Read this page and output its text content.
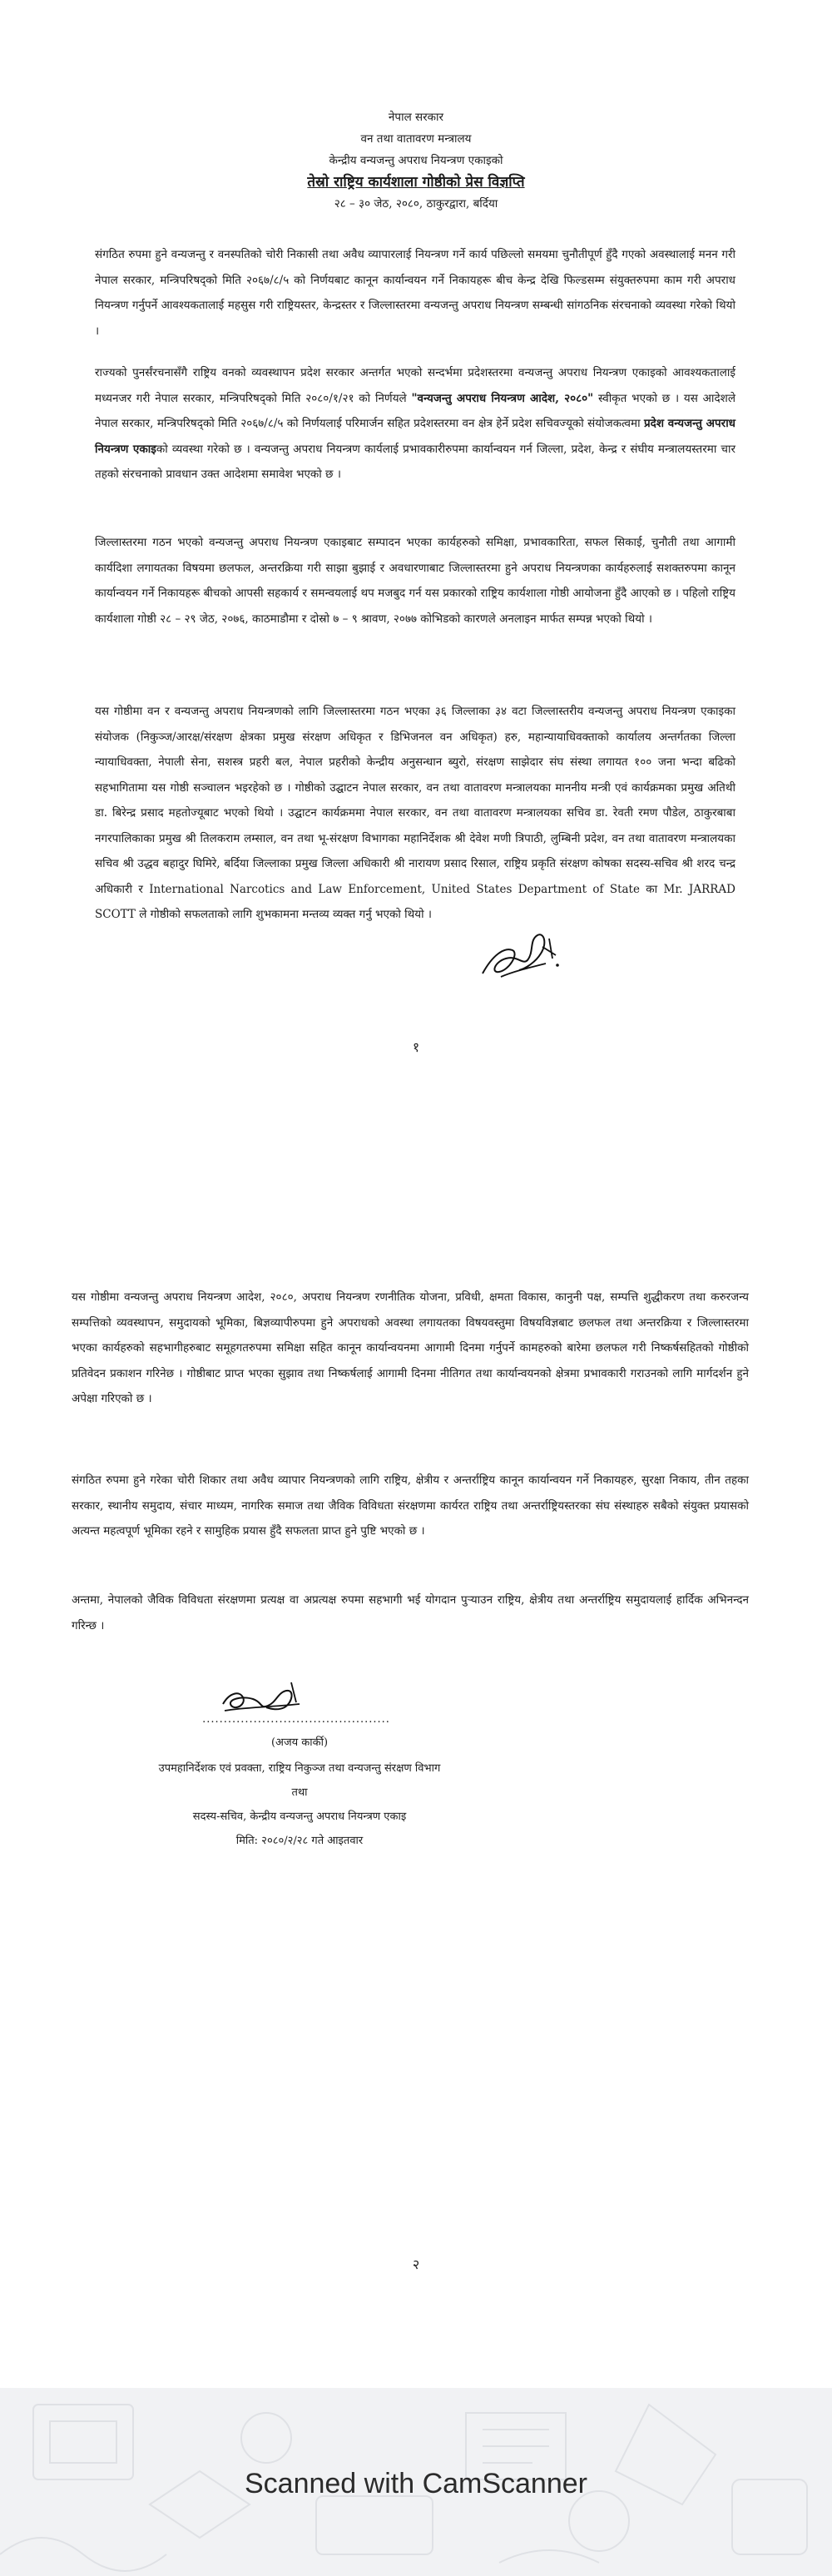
नेपाल सरकार
वन तथा वातावरण मन्त्रालय
केन्द्रीय वन्यजन्तु अपराध नियन्त्रण एकाइको
तेस्रो राष्ट्रिय कार्यशाला गोष्ठीको प्रेस विज्ञप्ति
२८ – ३० जेठ, २०८०, ठाकुरद्वारा, बर्दिया

संगठित रुपमा हुने वन्यजन्तु र वनस्पतिको चोरी निकासी तथा अवैध व्यापारलाई नियन्त्रण गर्ने कार्य पछिल्लो समयमा चुनौतीपूर्ण हुँदै गएको अवस्थालाई मनन गरी नेपाल सरकार, मन्त्रिपरिषद्को मिति २०६७/८/५ को निर्णयबाट कानून कार्यान्वयन गर्ने निकायहरू बीच केन्द्र देखि फिल्डसम्म संयुक्तरुपमा काम गरी अपराध नियन्त्रण गर्नुपर्ने आवश्यकतालाई महसुस गरी राष्ट्रियस्तर, केन्द्रस्तर र जिल्लास्तरमा वन्यजन्तु अपराध नियन्त्रण सम्बन्धी सांगठनिक संरचनाको व्यवस्था गरेको थियो ।

राज्यको पुनर्संरचनासँगै राष्ट्रिय वनको व्यवस्थापन प्रदेश सरकार अन्तर्गत भएको सन्दर्भमा प्रदेशस्तरमा वन्यजन्तु अपराध नियन्त्रण एकाइको आवश्यकतालाई मध्यनजर गरी नेपाल सरकार, मन्त्रिपरिषद्को मिति २०८०/१/२१ को निर्णयले "वन्यजन्तु अपराध नियन्त्रण आदेश, २०८०" स्वीकृत भएको छ । यस आदेशले नेपाल सरकार, मन्त्रिपरिषद्को मिति २०६७/८/५ को निर्णयलाई परिमार्जन सहित प्रदेशस्तरमा वन क्षेत्र हेर्ने प्रदेश सचिवज्यूको संयोजकत्वमा प्रदेश वन्यजन्तु अपराध नियन्त्रण एकाइको व्यवस्था गरेको छ । वन्यजन्तु अपराध नियन्त्रण कार्यलाई प्रभावकारीरुपमा कार्यान्वयन गर्न जिल्ला, प्रदेश, केन्द्र र संघीय मन्त्रालयस्तरमा चार तहको संरचनाको प्रावधान उक्त आदेशमा समावेश भएको छ ।

जिल्लास्तरमा गठन भएको वन्यजन्तु अपराध नियन्त्रण एकाइबाट सम्पादन भएका कार्यहरुको समिक्षा, प्रभावकारिता, सफल सिकाई, चुनौती तथा आगामी कार्यदिशा लगायतका विषयमा छलफल, अन्तरक्रिया गरी साझा बुझाई र अवधारणाबाट जिल्लास्तरमा हुने अपराध नियन्त्रणका कार्यहरुलाई सशक्तरुपमा कानून कार्यान्वयन गर्ने निकायहरू बीचको आपसी सहकार्य र समन्वयलाई थप मजबुद गर्न यस प्रकारको राष्ट्रिय कार्यशाला गोष्ठी आयोजना हुँदै आएको छ । पहिलो राष्ट्रिय कार्यशाला गोष्ठी २८ – २९ जेठ, २०७६, काठमाडौमा र दोस्रो ७ – ९ श्रावण, २०७७ कोभिडको कारणले अनलाइन मार्फत सम्पन्न भएको थियो ।

यस गोष्ठीमा वन र वन्यजन्तु अपराध नियन्त्रणको लागि जिल्लास्तरमा गठन भएका ३६ जिल्लाका ३४ वटा जिल्लास्तरीय वन्यजन्तु अपराध नियन्त्रण एकाइका संयोजक (निकुञ्ज/आरक्ष/संरक्षण क्षेत्रका प्रमुख संरक्षण अधिकृत र डिभिजनल वन अधिकृत) हरु, महान्यायाधिवक्ताको कार्यालय अन्तर्गतका जिल्ला न्यायाधिवक्ता, नेपाली सेना, सशस्त्र प्रहरी बल, नेपाल प्रहरीको केन्द्रीय अनुसन्धान ब्युरो, संरक्षण साझेदार संघ संस्था लगायत १०० जना भन्दा बढिको सहभागितामा यस गोष्ठी सञ्चालन भइरहेको छ । गोष्ठीको उद्घाटन नेपाल सरकार, वन तथा वातावरण मन्त्रालयका माननीय मन्त्री एवं कार्यक्रमका प्रमुख अतिथी डा. बिरेन्द्र प्रसाद महतोज्यूबाट भएको थियो । उद्घाटन कार्यक्रममा नेपाल सरकार, वन तथा वातावरण मन्त्रालयका सचिव डा. रेवती रमण पौडेल, ठाकुरबाबा नगरपालिकाका प्रमुख श्री तिलकराम लम्साल, वन तथा भू-संरक्षण विभागका महानिर्देशक श्री देवेश मणी त्रिपाठी, लुम्बिनी प्रदेश, वन तथा वातावरण मन्त्रालयका सचिव श्री उद्धव बहादुर घिमिरे, बर्दिया जिल्लाका प्रमुख जिल्ला अधिकारी श्री नारायण प्रसाद रिसाल, राष्ट्रिय प्रकृति संरक्षण कोषका सदस्य-सचिव श्री शरद चन्द्र अधिकारी र International Narcotics and Law Enforcement, United States Department of State का Mr. JARRAD SCOTT ले गोष्ठीको सफलताको लागि शुभकामना मन्तव्य व्यक्त गर्नु भएको थियो ।

१

यस गोष्ठीमा वन्यजन्तु अपराध नियन्त्रण आदेश, २०८०, अपराध नियन्त्रण रणनीतिक योजना, प्रविधी, क्षमता विकास, कानुनी पक्ष, सम्पत्ति शुद्धीकरण तथा करुरजन्य सम्पत्तिको व्यवस्थापन, समुदायको भूमिका, बिज्ञव्यापीरुपमा हुने अपराधको अवस्था लगायतका विषयवस्तुमा विषयविज्ञबाट छलफल तथा अन्तरक्रिया र जिल्लास्तरमा भएका कार्यहरुको सहभागीहरुबाट समूहगतरुपमा समिक्षा सहित कानून कार्यान्वयनमा आगामी दिनमा गर्नुपर्ने कामहरुको बारेमा छलफल गरी निष्कर्षसहितको गोष्ठीको प्रतिवेदन प्रकाशन गरिनेछ । गोष्ठीबाट प्राप्त भएका सुझाव तथा निष्कर्षलाई आगामी दिनमा नीतिगत तथा कार्यान्वयनको क्षेत्रमा प्रभावकारी गराउनको लागि मार्गदर्शन हुने अपेक्षा गरिएको छ ।

संगठित रुपमा हुने गरेका चोरी शिकार तथा अवैध व्यापार नियन्त्रणको लागि राष्ट्रिय, क्षेत्रीय र अन्तर्राष्ट्रिय कानून कार्यान्वयन गर्ने निकायहरु, सुरक्षा निकाय, तीन तहका सरकार, स्थानीय समुदाय, संचार माध्यम, नागरिक समाज तथा जैविक विविधता संरक्षणमा कार्यरत राष्ट्रिय तथा अन्तर्राष्ट्रियस्तरका संघ संस्थाहरु सबैको संयुक्त प्रयासको अत्यन्त महत्वपूर्ण भूमिका रहने र सामुहिक प्रयास हुँदै सफलता प्राप्त हुने पुष्टि भएको छ ।

अन्तमा, नेपालको जैविक विविधता संरक्षणमा प्रत्यक्ष वा अप्रत्यक्ष रुपमा सहभागी भई योगदान पुर्‍याउन राष्ट्रिय, क्षेत्रीय तथा अन्तर्राष्ट्रिय समुदायलाई हार्दिक अभिनन्दन गरिन्छ ।

............................................
(अजय कार्की)
उपमहानिर्देशक एवं प्रवक्ता, राष्ट्रिय निकुञ्ज तथा वन्यजन्तु संरक्षण विभाग
तथा
सदस्य-सचिव, केन्द्रीय वन्यजन्तु अपराध नियन्त्रण एकाइ
मिति: २०८०/२/२८ गते आइतवार
२
Scanned with CamScanner
